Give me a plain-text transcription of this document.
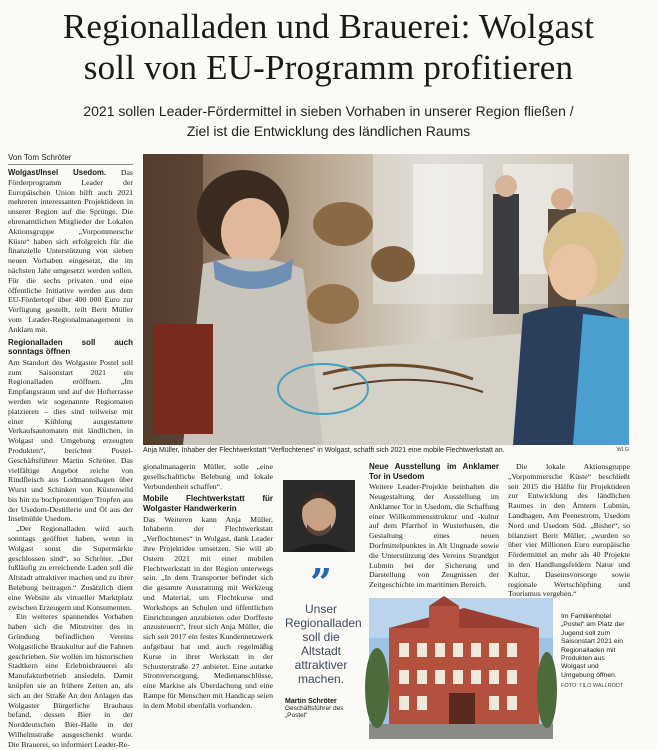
Regionalladen und Brauerei: Wolgast
soll von EU-Programm profitieren
2021 sollen Leader-Fördermittel in sieben Vorhaben in unserer Region fließen /
Ziel ist die Entwicklung des ländlichen Raums
Von Tom Schröter

Wolgast/Insel Usedom. Das Förderprogramm Leader der Europäischen Union hilft auch 2021 mehreren interessanten Projektideen in unserer Region auf die Sprünge. Die ehrenamtlichen Mitglieder der Lokalen Aktionsgruppe „Vorpommersche Küste“ haben sich erfolgreich für die finanzielle Unterstützung von sieben neuen Vorhaben eingesetzt, die im nächsten Jahr umgesetzt werden sollen. Für die sechs privaten und eine öffentliche Initiative werden aus dem EU-Fördertopf über 400 000 Euro zur Verfügung gestellt, teilt Berit Müller vom Leader-Regionalmanagement in Anklam mit.

Regionalladen soll auch sonntags öffnen

Am Standort des Wolgaster Postel soll zum Saisonstart 2021 ein Regionalladen eröffnen. „Im Empfangsraum und auf der Hofterrasse werden wir sogenannte Regiomaten platzieren – dies sind teilweise mit einer Kühlung ausgestattete Verkaufsautomaten mit ländlichen, in Wolgast und Umgebung erzeugten Produkten“, berichtet Postel-Geschäftsführer Martin Schröter. Das vielfältige Angebot reiche von Rindfleisch aus Lodmannshagen über Wurst und Schinken von Küstenwild bis hin zu hochprozentigen Tropfen aus der Usedom-Destillerie und Öl aus der Inselmühle Usedom.

„Der Regionalladen wird auch sonntags geöffnet haben, wenn in Wolgast sonst die Supermärkte geschlossen sind“, so Schröter. „Der fußläufig zu erreichende Laden soll die Altstadt attraktiver machen und zu ihrer Belebung beitragen.“ Zusätzlich dient eine Website als virtueller Marktplatz zwischen Erzeugern und Konsumenten.

Ein weiteres spannendes Vorhaben haben sich die Mitstreiter des in Gründung befindlichen Vereins Wolgastliche Braukultur auf die Fahnen geschrieben. Sie wollen im historischen Stadtkern eine Erlebnisbrauerei als Manufakturbetrieb ansiedeln. Damit knüpfen sie an frühere Zeiten an, als sich an der Straße An den Anlagen das Wolgaster Bürgerliche Brauhaus befand, dessen Bier in der Norddeutschen Bier-Halle in der Wilhelmstraße ausgeschenkt wurde. Die Brauerei, so informiert Leader-Re-

Anja Müller, Inhaber der Flechtwerkstatt “Verflochtenes” in Wolgast, schafft sich 2021 eine mobile Flechtwerkstatt an.	WLG

gionalmanagerin Müller, solle „eine gesellschaftliche Belebung und lokale Verbundenheit schaffen“.

Mobile Flechtwerkstatt für Wolgaster Handwerkerin

Das Weiteren kann Anja Müller, Inhaberin der Flechtwerkstatt „Verflochtenes“ in Wolgast, dank Leader ihre Projektidee umsetzen. Sie will ab Ostern 2021 mit einer mobilen Flechtwerkstatt in der Region unterwegs sein. „In dem Transporter befindet sich die gesamte Ausstattung mit Werkzeug und Material, um Flechtkurse und Workshops an Schulen und öffentlichen Einrichtungen anzubieten oder Dorffeste anzusteuern“, freut sich Anja Müller, die sich seit 2017 ein festes Kundennetzwerk aufgebaut hat und auch regelmäßig Kurse in ihrer Werkstatt in der Schusterstraße 27 anbietet. Eine autarke Stromversorgung, Medienanschlüsse, eine Markise als Überdachung und eine Rampe für Menschen mit Handicap seien in dem Mobil ebenfalls vorhanden.

”
Unser Regionalladen soll die Altstadt attraktiver machen.
Martin Schröter
Geschäftsführer des „Postel“
Neue Ausstellung im Anklamer Tor in Usedom

Weitere Leader-Projekte beinhalten die Neugestaltung der Ausstellung im Anklamer Tor in Usedom, die Schaffung einer Willkommensstruktur und -kultur auf dem Pfarrhof in Wusterhusen, die Gestaltung eines neuen Dorfmittelpunktes in Alt Ungnade sowie die Unterstützung des Vereins Strandgut Lubmin bei der Sicherung und Darstellung von Zeugnissen der Zeitgeschichte im maritimen Bereich.

Die lokale Aktionsgruppe „Vorpommersche Küste“ beschließt seit 2015 die Hälfte für Projektideen zur Entwicklung des ländlichen Raumes in den Ämtern Lubmin, Landhagen, Am Peenestrom, Usedom Nord und Usedom Süd. „Bisher“, so bilanziert Berit Müller, „wurden so über vier Millionen Euro europäische Fördermittel an mehr als 40 Projekte in den Handlungsfeldern Natur und Kultur, Daseinsvorsorge sowie regionale Wertschöpfung und Tourismus vergeben.“

Im Familienhotel „Postel“ am Platz der Jugend soll zum Saisonstart 2021 ein Regionalladen mit Produkten aus Wolgast und Umgebung öffnen.
FOTO: TILO WALLRODT
